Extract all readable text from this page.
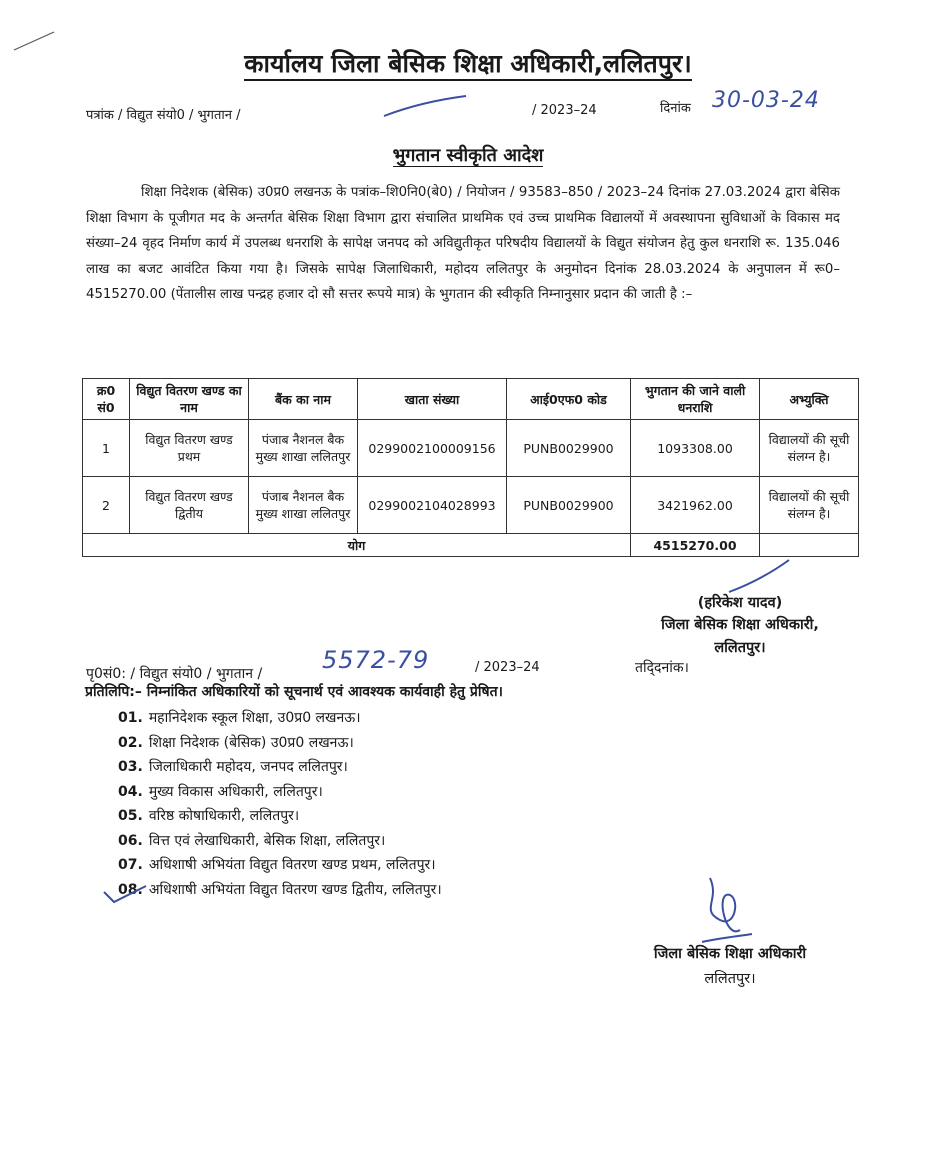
कार्यालय जिला बेसिक शिक्षा अधिकारी,ललितपुर।
पत्रांक / विद्युत संयो0 / भुगतान /	/ 2023–24	दिनांक 30-03-24
भुगतान स्वीकृति आदेश
शिक्षा निदेशक (बेसिक) उ0प्र0 लखनऊ के पत्रांक–शि0नि0(बे0) / नियोजन / 93583–850 / 2023–24 दिनांक 27.03.2024 द्वारा बेसिक शिक्षा विभाग के पूजीगत मद के अन्तर्गत बेसिक शिक्षा विभाग द्वारा संचालित प्राथमिक एवं उच्च प्राथमिक विद्यालयों में अवस्थापना सुविधाओं के विकास मद संख्या–24 वृहद निर्माण कार्य में उपलब्ध धनराशि के सापेक्ष जनपद को अविद्युतीकृत परिषदीय विद्यालयों के विद्युत संयोजन हेतु कुल धनराशि रू. 135.046 लाख का बजट आवंटित किया गया है। जिसके सापेक्ष जिलाधिकारी, महोदय ललितपुर के अनुमोदन दिनांक 28.03.2024 के अनुपालन में रू0–4515270.00 (पेंतालीस लाख पन्द्रह हजार दो सौ सत्तर रूपये मात्र) के भुगतान की स्वीकृति निम्नानुसार प्रदान की जाती है :–
क्र0 सं0	विद्युत वितरण खण्ड का नाम	बैंक का नाम	खाता संख्या	आई0एफ0 कोड	भुगतान की जाने वाली धनराशि	अभ्युक्ति
1	विद्युत वितरण खण्ड प्रथम	पंजाब नैशनल बैक मुख्य शाखा ललितपुर	0299002100009156	PUNB0029900	1093308.00	विद्यालयों की सूची संलग्न है।
2	विद्युत वितरण खण्ड द्वितीय	पंजाब नैशनल बैक मुख्य शाखा ललितपुर	0299002104028993	PUNB0029900	3421962.00	विद्यालयों की सूची संलग्न है।
योग					4515270.00	
(हरिकेश यादव)
जिला बेसिक शिक्षा अधिकारी,
ललितपुर।
पृ0सं0: / विद्युत संयो0 / भुगतान / 5572-79	/ 2023–24	तद्‍दिनांक।
प्रतिलिपि:– निम्नांकित अधिकारियों को सूचनार्थ एवं आवश्यक कार्यवाही हेतु प्रेषित।
01. महानिदेशक स्कूल शिक्षा, उ0प्र0 लखनऊ।
02. शिक्षा निदेशक (बेसिक) उ0प्र0 लखनऊ।
03. जिलाधिकारी महोदय, जनपद ललितपुर।
04. मुख्य विकास अधिकारी, ललितपुर।
05. वरिष्ठ कोषाधिकारी, ललितपुर।
06. वित्त एवं लेखाधिकारी, बेसिक शिक्षा, ललितपुर।
07. अधिशाषी अभियंता विद्युत वितरण खण्ड प्रथम, ललितपुर।
08. अधिशाषी अभियंता विद्युत वितरण खण्ड द्वितीय, ललितपुर।
जिला बेसिक शिक्षा अधिकारी
ललितपुर।
